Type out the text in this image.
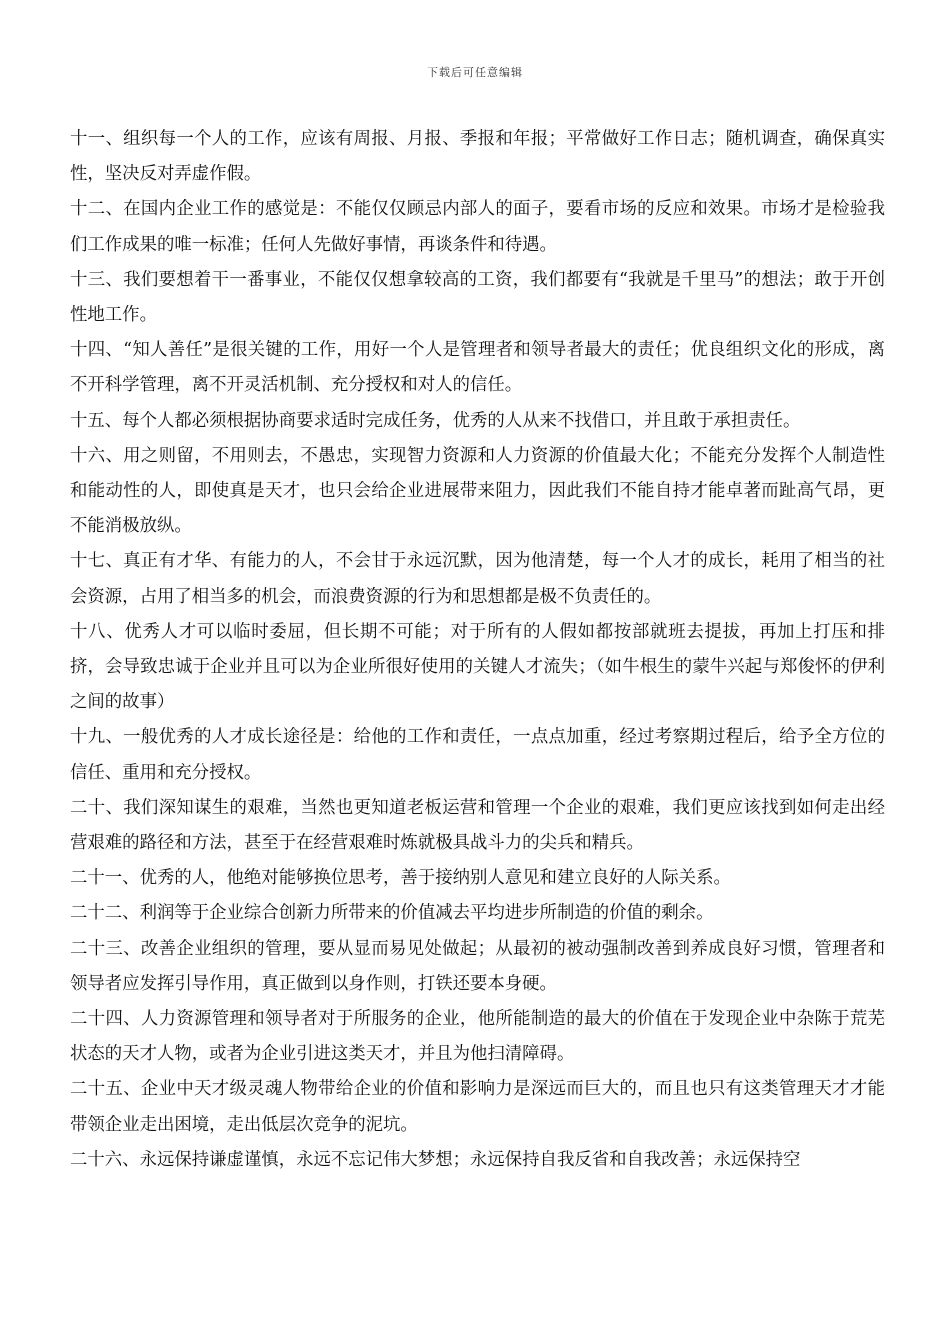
下载后可任意编辑

十一、组织每一个人的工作，应该有周报、月报、季报和年报；平常做好工作日志；随机调查，确保真实性，坚决反对弄虚作假。

十二、在国内企业工作的感觉是：不能仅仅顾忌内部人的面子，要看市场的反应和效果。市场才是检验我们工作成果的唯一标准；任何人先做好事情，再谈条件和待遇。

十三、我们要想着干一番事业，不能仅仅想拿较高的工资，我们都要有“我就是千里马”的想法；敢于开创性地工作。

十四、“知人善任”是很关键的工作，用好一个人是管理者和领导者最大的责任；优良组织文化的形成，离不开科学管理，离不开灵活机制、充分授权和对人的信任。

十五、每个人都必须根据协商要求适时完成任务，优秀的人从来不找借口，并且敢于承担责任。

十六、用之则留，不用则去，不愚忠，实现智力资源和人力资源的价值最大化；不能充分发挥个人制造性和能动性的人，即使真是天才，也只会给企业进展带来阻力，因此我们不能自持才能卓著而趾高气昂，更不能消极放纵。

十七、真正有才华、有能力的人，不会甘于永远沉默，因为他清楚，每一个人才的成长，耗用了相当的社会资源，占用了相当多的机会，而浪费资源的行为和思想都是极不负责任的。

十八、优秀人才可以临时委屈，但长期不可能；对于所有的人假如都按部就班去提拔，再加上打压和排挤，会导致忠诚于企业并且可以为企业所很好使用的关键人才流失；（如牛根生的蒙牛兴起与郑俊怀的伊利之间的故事）

十九、一般优秀的人才成长途径是：给他的工作和责任，一点点加重，经过考察期过程后，给予全方位的信任、重用和充分授权。

二十、我们深知谋生的艰难，当然也更知道老板运营和管理一个企业的艰难，我们更应该找到如何走出经营艰难的路径和方法，甚至于在经营艰难时炼就极具战斗力的尖兵和精兵。

二十一、优秀的人，他绝对能够换位思考，善于接纳别人意见和建立良好的人际关系。

二十二、利润等于企业综合创新力所带来的价值减去平均进步所制造的价值的剩余。

二十三、改善企业组织的管理，要从显而易见处做起；从最初的被动强制改善到养成良好习惯，管理者和领导者应发挥引导作用，真正做到以身作则，打铁还要本身硬。

二十四、人力资源管理和领导者对于所服务的企业，他所能制造的最大的价值在于发现企业中杂陈于荒芜状态的天才人物，或者为企业引进这类天才，并且为他扫清障碍。

二十五、企业中天才级灵魂人物带给企业的价值和影响力是深远而巨大的，而且也只有这类管理天才才能带领企业走出困境，走出低层次竞争的泥坑。

二十六、永远保持谦虚谨慎，永远不忘记伟大梦想；永远保持自我反省和自我改善；永远保持空
